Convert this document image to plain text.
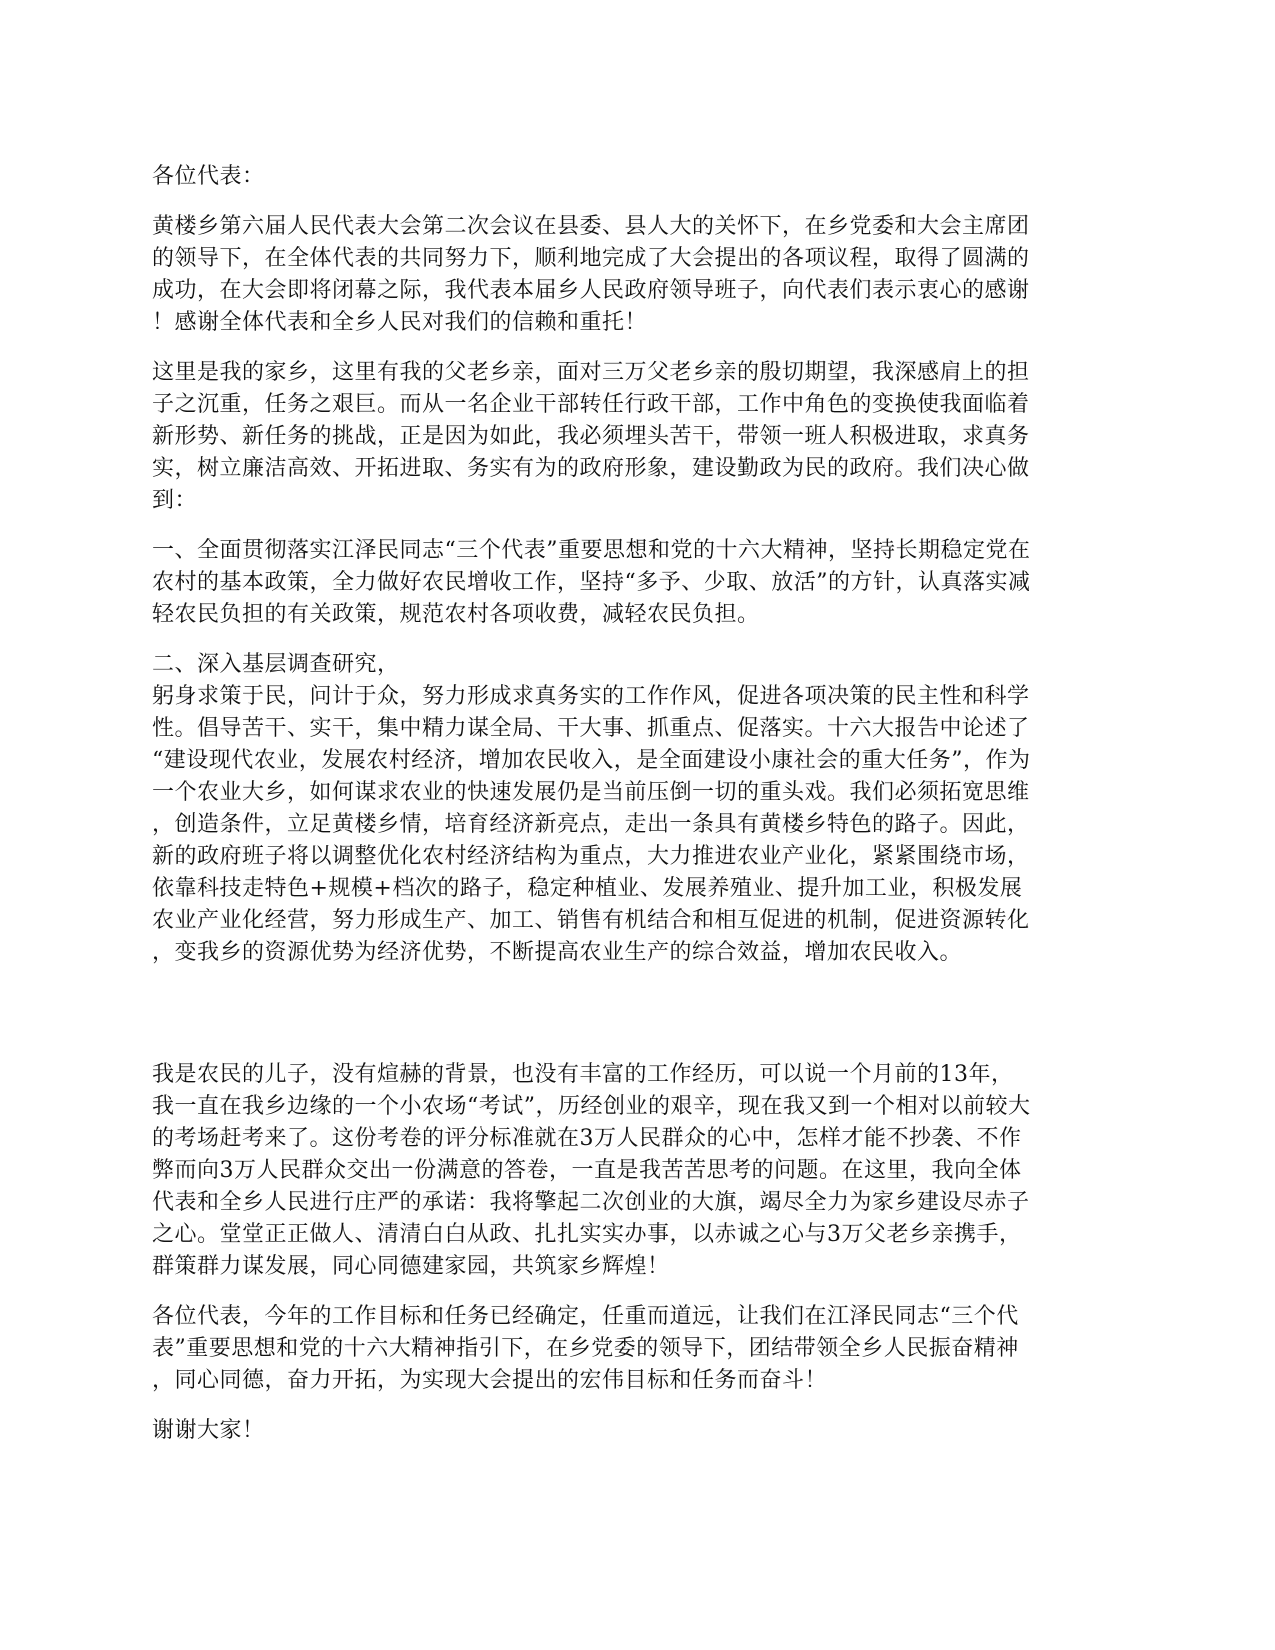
各位代表：

黄楼乡第六届人民代表大会第二次会议在县委、县人大的关怀下，在乡党委和大会主席团
的领导下，在全体代表的共同努力下，顺利地完成了大会提出的各项议程，取得了圆满的
成功，在大会即将闭幕之际，我代表本届乡人民政府领导班子，向代表们表示衷心的感谢
！感谢全体代表和全乡人民对我们的信赖和重托！

这里是我的家乡，这里有我的父老乡亲，面对三万父老乡亲的殷切期望，我深感肩上的担
子之沉重，任务之艰巨。而从一名企业干部转任行政干部，工作中角色的变换使我面临着
新形势、新任务的挑战，正是因为如此，我必须埋头苦干，带领一班人积极进取，求真务
实，树立廉洁高效、开拓进取、务实有为的政府形象，建设勤政为民的政府。我们决心做
到：

一、全面贯彻落实江泽民同志“三个代表”重要思想和党的十六大精神，坚持长期稳定党在
农村的基本政策，全力做好农民增收工作，坚持“多予、少取、放活”的方针，认真落实减
轻农民负担的有关政策，规范农村各项收费，减轻农民负担。

二、深入基层调查研究，
躬身求策于民，问计于众，努力形成求真务实的工作作风，促进各项决策的民主性和科学
性。倡导苦干、实干，集中精力谋全局、干大事、抓重点、促落实。十六大报告中论述了
“建设现代农业，发展农村经济，增加农民收入，是全面建设小康社会的重大任务”，作为
一个农业大乡，如何谋求农业的快速发展仍是当前压倒一切的重头戏。我们必须拓宽思维
，创造条件，立足黄楼乡情，培育经济新亮点，走出一条具有黄楼乡特色的路子。因此，
新的政府班子将以调整优化农村经济结构为重点，大力推进农业产业化，紧紧围绕市场，
依靠科技走特色+规模+档次的路子，稳定种植业、发展养殖业、提升加工业，积极发展
农业产业化经营，努力形成生产、加工、销售有机结合和相互促进的机制，促进资源转化
，变我乡的资源优势为经济优势，不断提高农业生产的综合效益，增加农民收入。

我是农民的儿子，没有煊赫的背景，也没有丰富的工作经历，可以说一个月前的13年，
我一直在我乡边缘的一个小农场“考试”，历经创业的艰辛，现在我又到一个相对以前较大
的考场赶考来了。这份考卷的评分标准就在3万人民群众的心中，怎样才能不抄袭、不作
弊而向3万人民群众交出一份满意的答卷，一直是我苦苦思考的问题。在这里，我向全体
代表和全乡人民进行庄严的承诺：我将擎起二次创业的大旗，竭尽全力为家乡建设尽赤子
之心。堂堂正正做人、清清白白从政、扎扎实实办事，以赤诚之心与3万父老乡亲携手，
群策群力谋发展，同心同德建家园，共筑家乡辉煌！

各位代表，今年的工作目标和任务已经确定，任重而道远，让我们在江泽民同志“三个代
表”重要思想和党的十六大精神指引下，在乡党委的领导下，团结带领全乡人民振奋精神
，同心同德，奋力开拓，为实现大会提出的宏伟目标和任务而奋斗！

谢谢大家！
